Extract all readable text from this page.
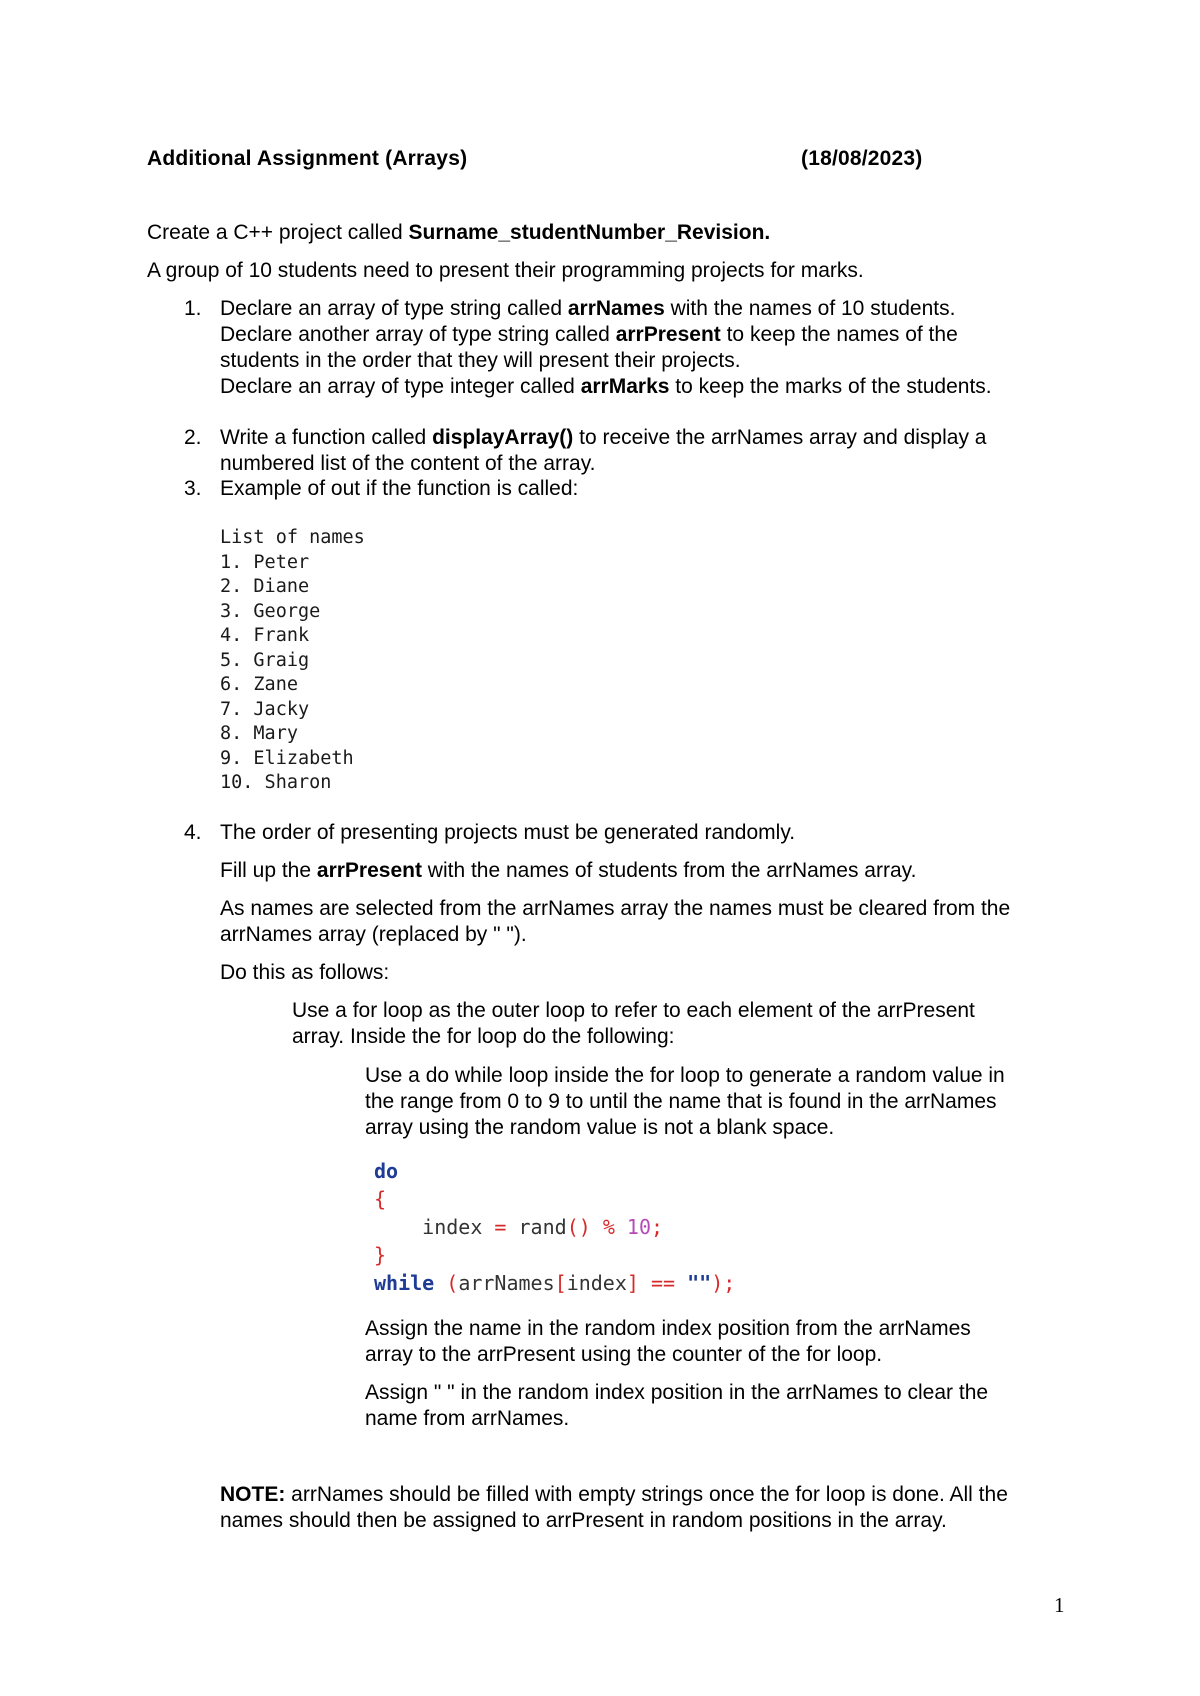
Additional Assignment (Arrays)	(18/08/2023)
Create a C++ project called Surname_studentNumber_Revision.
A group of 10 students need to present their programming projects for marks.
1. Declare an array of type string called arrNames with the names of 10 students.
Declare another array of type string called arrPresent to keep the names of the
students in the order that they will present their projects.
Declare an array of type integer called arrMarks to keep the marks of the students.
2. Write a function called displayArray() to receive the arrNames array and display a
numbered list of the content of the array.
3. Example of out if the function is called:
List of names
1. Peter
2. Diane
3. George
4. Frank
5. Graig
6. Zane
7. Jacky
8. Mary
9. Elizabeth
10. Sharon
4. The order of presenting projects must be generated randomly.
Fill up the arrPresent with the names of students from the arrNames array.
As names are selected from the arrNames array the names must be cleared from the
arrNames array (replaced by " ").
Do this as follows:
Use a for loop as the outer loop to refer to each element of the arrPresent
array. Inside the for loop do the following:
Use a do while loop inside the for loop to generate a random value in
the range from 0 to 9 to until the name that is found in the arrNames
array using the random value is not a blank space.
do
{
index = rand() % 10;
}
while (arrNames[index] == "");
Assign the name in the random index position from the arrNames
array to the arrPresent using the counter of the for loop.
Assign " " in the random index position in the arrNames to clear the
name from arrNames.
NOTE: arrNames should be filled with empty strings once the for loop is done. All the
names should then be assigned to arrPresent in random positions in the array.
1
